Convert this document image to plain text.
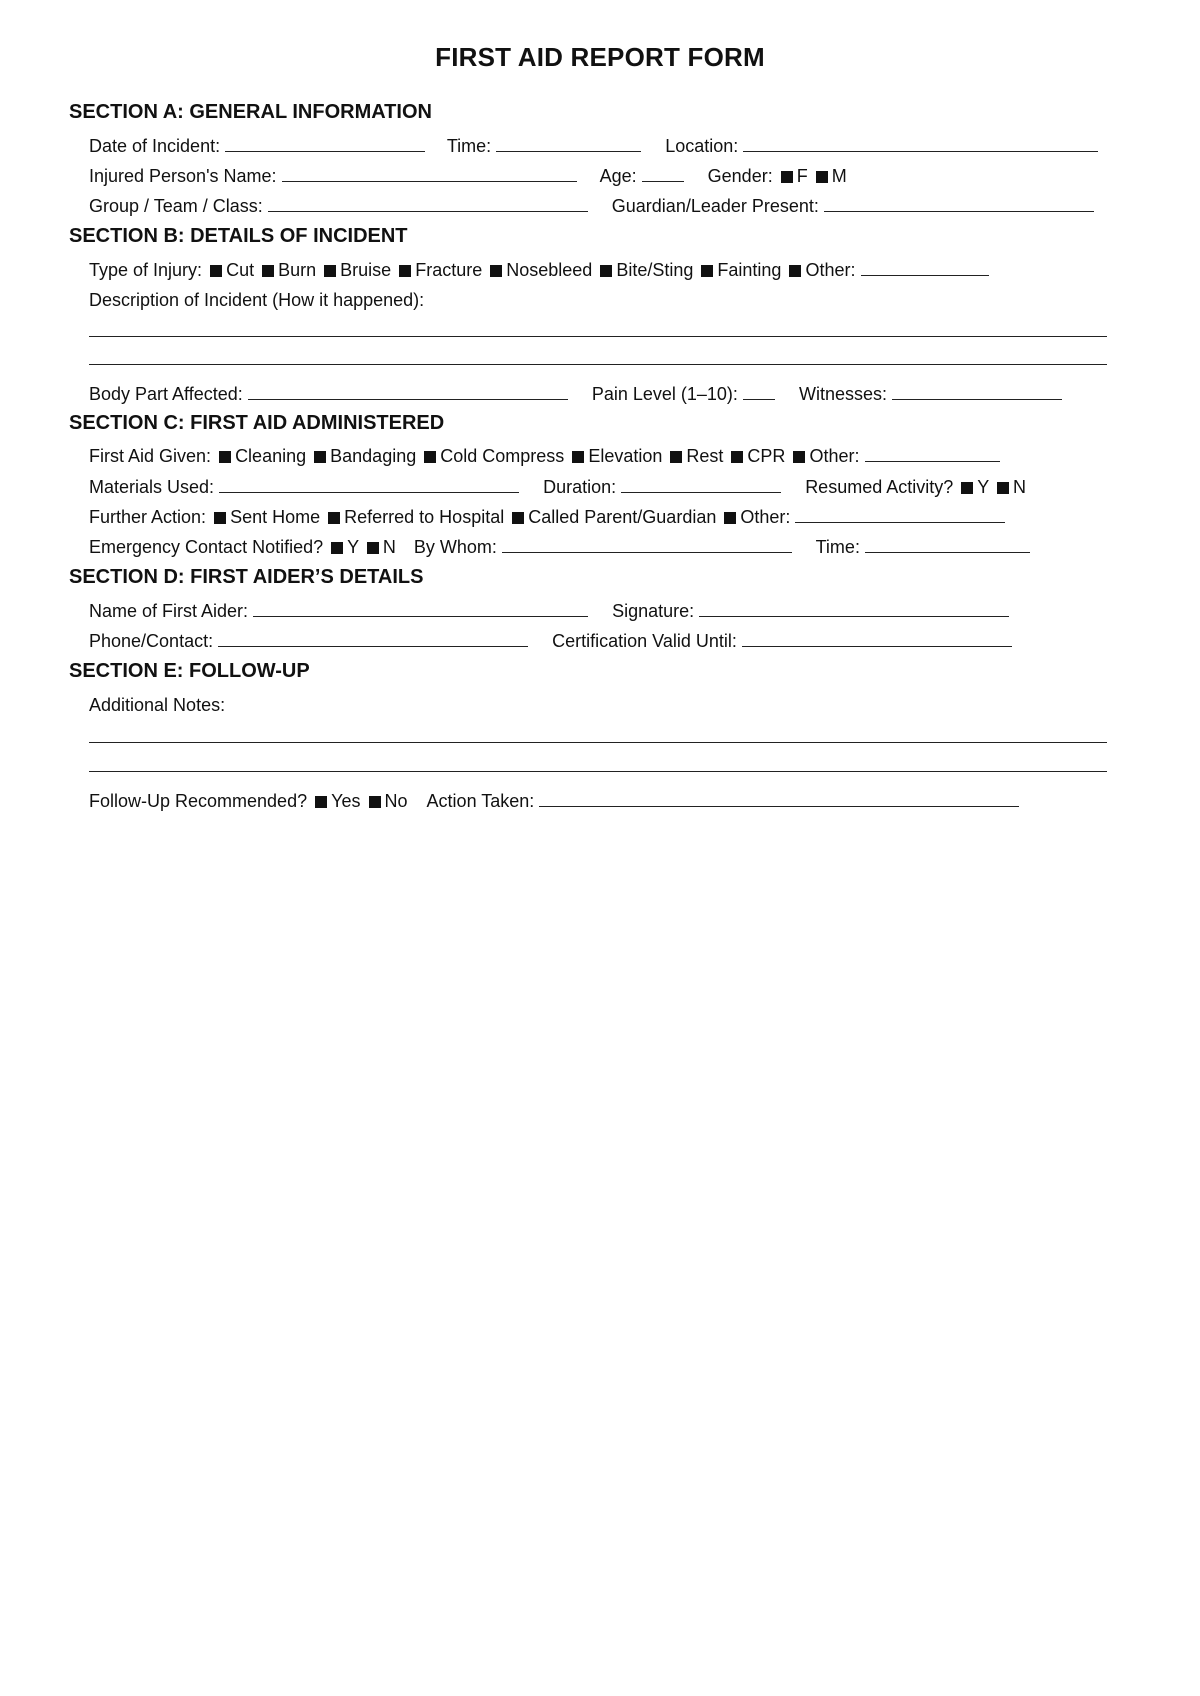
FIRST AID REPORT FORM
SECTION A: GENERAL INFORMATION
Date of Incident:	Time:	Location:
Injured Person's Name:	Age:	Gender: F M
Group / Team / Class:	Guardian/Leader Present:
SECTION B: DETAILS OF INCIDENT
Type of Injury: Cut Burn Bruise Fracture Nosebleed Bite/Sting Fainting Other:
Description of Incident (How it happened):
Body Part Affected:	Pain Level (1–10):	Witnesses:
SECTION C: FIRST AID ADMINISTERED
First Aid Given: Cleaning Bandaging Cold Compress Elevation Rest CPR Other:
Materials Used:	Duration:	Resumed Activity? Y N
Further Action: Sent Home Referred to Hospital Called Parent/Guardian Other:
Emergency Contact Notified? Y N By Whom:	Time:
SECTION D: FIRST AIDER’S DETAILS
Name of First Aider:	Signature:
Phone/Contact:	Certification Valid Until:
SECTION E: FOLLOW-UP
Additional Notes:
Follow-Up Recommended? Yes No Action Taken:
